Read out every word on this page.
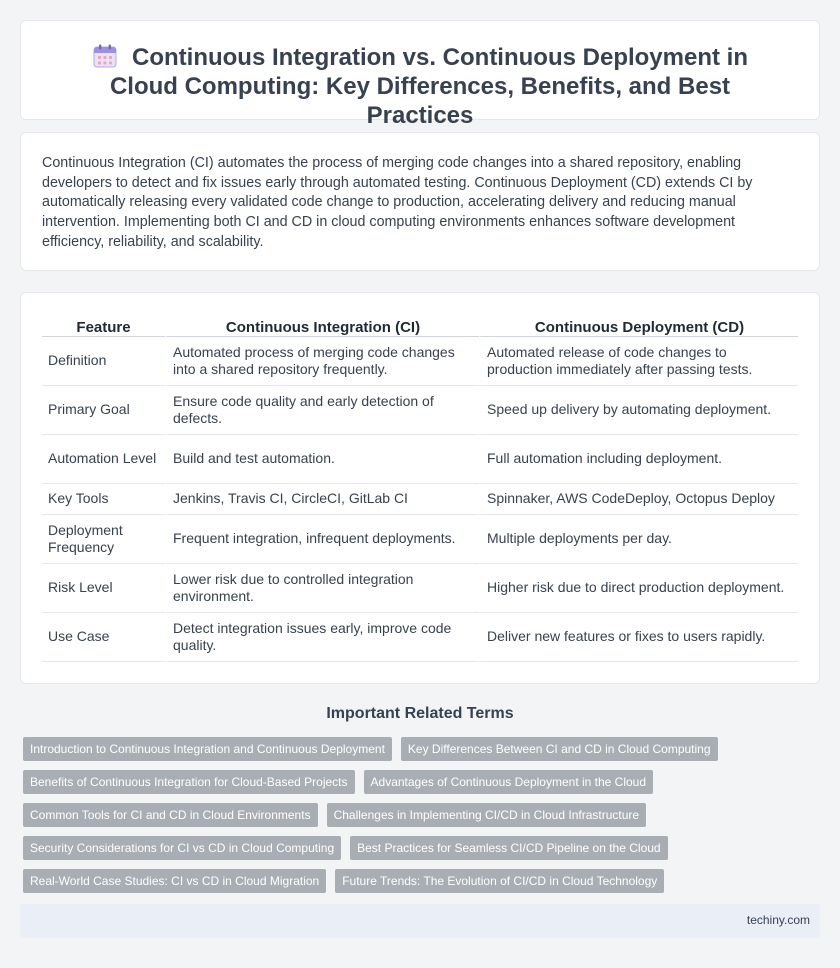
Continuous Integration vs. Continuous Deployment in Cloud Computing: Key Differences, Benefits, and Best Practices

Continuous Integration (CI) automates the process of merging code changes into a shared repository, enabling developers to detect and fix issues early through automated testing. Continuous Deployment (CD) extends CI by automatically releasing every validated code change to production, accelerating delivery and reducing manual intervention. Implementing both CI and CD in cloud computing environments enhances software development efficiency, reliability, and scalability.

Feature	Continuous Integration (CI)	Continuous Deployment (CD)
Definition	Automated process of merging code changes into a shared repository frequently.	Automated release of code changes to production immediately after passing tests.
Primary Goal	Ensure code quality and early detection of defects.	Speed up delivery by automating deployment.
Automation Level	Build and test automation.	Full automation including deployment.
Key Tools	Jenkins, Travis CI, CircleCI, GitLab CI	Spinnaker, AWS CodeDeploy, Octopus Deploy
Deployment Frequency	Frequent integration, infrequent deployments.	Multiple deployments per day.
Risk Level	Lower risk due to controlled integration environment.	Higher risk due to direct production deployment.
Use Case	Detect integration issues early, improve code quality.	Deliver new features or fixes to users rapidly.
Important Related Terms
Introduction to Continuous Integration and Continuous Deployment	Key Differences Between CI and CD in Cloud Computing
Benefits of Continuous Integration for Cloud-Based Projects	Advantages of Continuous Deployment in the Cloud
Common Tools for CI and CD in Cloud Environments	Challenges in Implementing CI/CD in Cloud Infrastructure
Security Considerations for CI vs CD in Cloud Computing	Best Practices for Seamless CI/CD Pipeline on the Cloud
Real-World Case Studies: CI vs CD in Cloud Migration	Future Trends: The Evolution of CI/CD in Cloud Technology
techiny.com
